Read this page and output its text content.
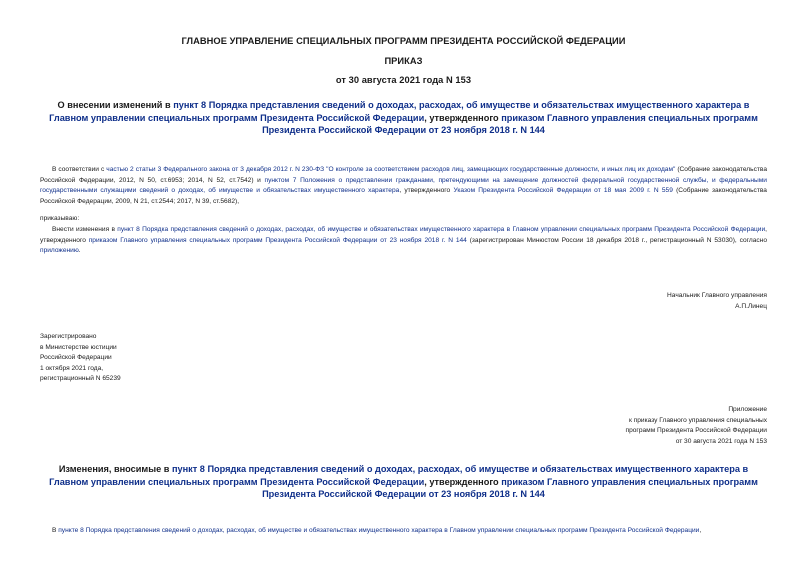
ГЛАВНОЕ УПРАВЛЕНИЕ СПЕЦИАЛЬНЫХ ПРОГРАММ ПРЕЗИДЕНТА РОССИЙСКОЙ ФЕДЕРАЦИИ
ПРИКАЗ
от 30 августа 2021 года N 153
О внесении изменений в пункт 8 Порядка представления сведений о доходах, расходах, об имуществе и обязательствах имущественного характера в Главном управлении специальных программ Президента Российской Федерации, утвержденного приказом Главного управления специальных программ Президента Российской Федерации от 23 ноября 2018 г. N 144
В соответствии с частью 2 статьи 3 Федерального закона от 3 декабря 2012 г. N 230-ФЗ "О контроле за соответствием расходов лиц, замещающих государственные должности, и иных лиц их доходам" (Собрание законодательства Российской Федерации, 2012, N 50, ст.6953; 2014, N 52, ст.7542) и пунктом 7 Положения о представлении гражданами, претендующими на замещение должностей федеральной государственной службы, и федеральными государственными служащими сведений о доходах, об имуществе и обязательствах имущественного характера, утвержденного Указом Президента Российской Федерации от 18 мая 2009 г. N 559 (Собрание законодательства Российской Федерации, 2009, N 21, ст.2544; 2017, N 39, ст.5682),
приказываю:
Внести изменения в пункт 8 Порядка представления сведений о доходах, расходах, об имуществе и обязательствах имущественного характера в Главном управлении специальных программ Президента Российской Федерации, утвержденного приказом Главного управления специальных программ Президента Российской Федерации от 23 ноября 2018 г. N 144 (зарегистрирован Минюстом России 18 декабря 2018 г., регистрационный N 53030), согласно приложению.
Начальник Главного управления
А.П.Линец
Зарегистрировано
в Министерстве юстиции
Российской Федерации
1 октября 2021 года,
регистрационный N 65239
Приложение
к приказу Главного управления специальных
программ Президента Российской Федерации
от 30 августа 2021 года N 153
Изменения, вносимые в пункт 8 Порядка представления сведений о доходах, расходах, об имуществе и обязательствах имущественного характера в Главном управлении специальных программ Президента Российской Федерации, утвержденного приказом Главного управления специальных программ Президента Российской Федерации от 23 ноября 2018 г. N 144
В пункте 8 Порядка представления сведений о доходах, расходах, об имуществе и обязательствах имущественного характера в Главном управлении специальных программ Президента Российской Федерации,
